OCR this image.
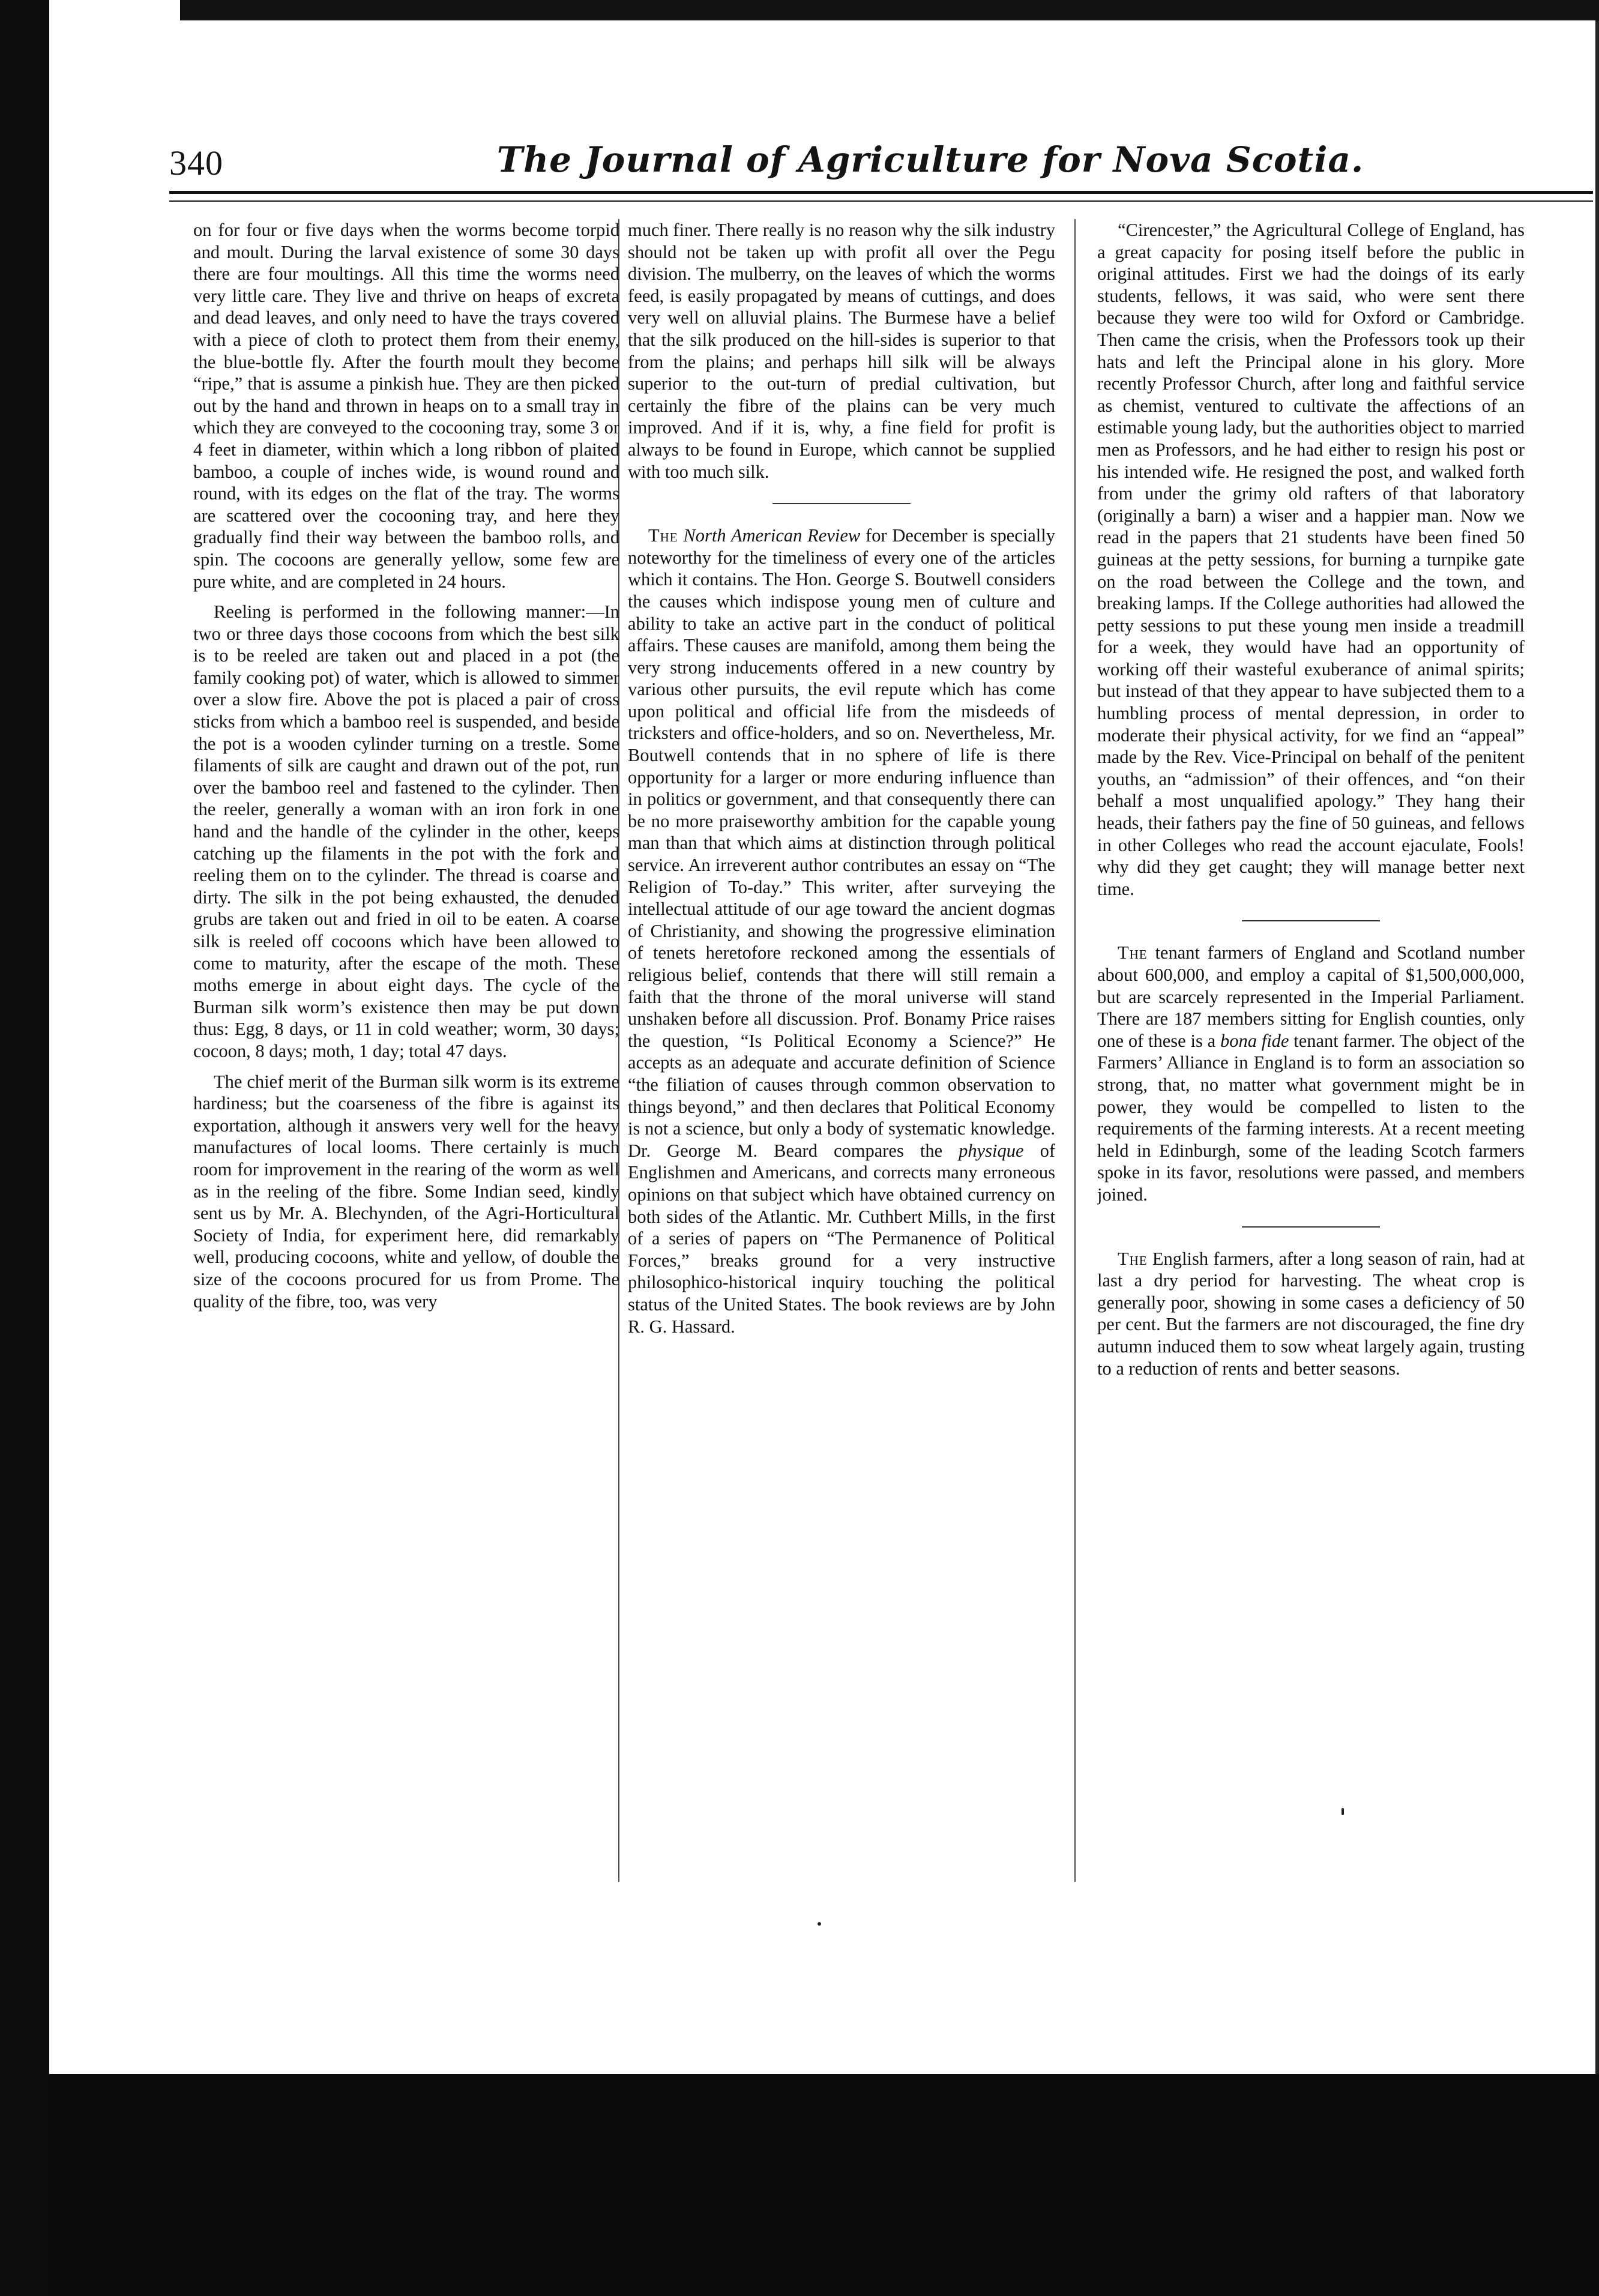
340	The Journal of Agriculture for Nova Scotia.

on for four or five days when the worms become torpid and moult. During the larval existence of some 30 days there are four moultings. All this time the worms need very little care. They live and thrive on heaps of excreta and dead leaves, and only need to have the trays covered with a piece of cloth to protect them from their enemy, the blue-bottle fly. After the fourth moult they become “ripe,” that is assume a pinkish hue. They are then picked out by the hand and thrown in heaps on to a small tray in which they are conveyed to the cocooning tray, some 3 or 4 feet in diameter, within which a long ribbon of plaited bamboo, a couple of inches wide, is wound round and round, with its edges on the flat of the tray. The worms are scattered over the cocooning tray, and here they gradually find their way between the bamboo rolls, and spin. The cocoons are generally yellow, some few are pure white, and are completed in 24 hours.

Reeling is performed in the following manner:—In two or three days those cocoons from which the best silk is to be reeled are taken out and placed in a pot (the family cooking pot) of water, which is allowed to simmer over a slow fire. Above the pot is placed a pair of cross sticks from which a bamboo reel is suspended, and beside the pot is a wooden cylinder turning on a trestle. Some filaments of silk are caught and drawn out of the pot, run over the bamboo reel and fastened to the cylinder. Then the reeler, generally a woman with an iron fork in one hand and the handle of the cylinder in the other, keeps catching up the filaments in the pot with the fork and reeling them on to the cylinder. The thread is coarse and dirty. The silk in the pot being exhausted, the denuded grubs are taken out and fried in oil to be eaten. A coarse silk is reeled off cocoons which have been allowed to come to maturity, after the escape of the moth. These moths emerge in about eight days. The cycle of the Burman silk worm’s existence then may be put down thus: Egg, 8 days, or 11 in cold weather; worm, 30 days; cocoon, 8 days; moth, 1 day; total 47 days.

The chief merit of the Burman silk worm is its extreme hardiness; but the coarseness of the fibre is against its exportation, although it answers very well for the heavy manufactures of local looms. There certainly is much room for improvement in the rearing of the worm as well as in the reeling of the fibre. Some Indian seed, kindly sent us by Mr. A. Blechynden, of the Agri-Horticultural Society of India, for experiment here, did remarkably well, producing cocoons, white and yellow, of double the size of the cocoons procured for us from Prome. The quality of the fibre, too, was very

much finer. There really is no reason why the silk industry should not be taken up with profit all over the Pegu division. The mulberry, on the leaves of which the worms feed, is easily propagated by means of cuttings, and does very well on alluvial plains. The Burmese have a belief that the silk produced on the hill-sides is superior to that from the plains; and perhaps hill silk will be always superior to the out-turn of predial cultivation, but certainly the fibre of the plains can be very much improved. And if it is, why, a fine field for profit is always to be found in Europe, which cannot be supplied with too much silk.

The North American Review for December is specially noteworthy for the timeliness of every one of the articles which it contains. The Hon. George S. Boutwell considers the causes which indispose young men of culture and ability to take an active part in the conduct of political affairs. These causes are manifold, among them being the very strong inducements offered in a new country by various other pursuits, the evil repute which has come upon political and official life from the misdeeds of tricksters and office-holders, and so on. Nevertheless, Mr. Boutwell contends that in no sphere of life is there opportunity for a larger or more enduring influence than in politics or government, and that consequently there can be no more praiseworthy ambition for the capable young man than that which aims at distinction through political service. An irreverent author contributes an essay on “The Religion of To-day.” This writer, after surveying the intellectual attitude of our age toward the ancient dogmas of Christianity, and showing the progressive elimination of tenets heretofore reckoned among the essentials of religious belief, contends that there will still remain a faith that the throne of the moral universe will stand unshaken before all discussion. Prof. Bonamy Price raises the question, “Is Political Economy a Science?” He accepts as an adequate and accurate definition of Science “the filiation of causes through common observation to things beyond,” and then declares that Political Economy is not a science, but only a body of systematic knowledge. Dr. George M. Beard compares the physique of Englishmen and Americans, and corrects many erroneous opinions on that subject which have obtained currency on both sides of the Atlantic. Mr. Cuthbert Mills, in the first of a series of papers on “The Permanence of Political Forces,” breaks ground for a very instructive philosophico-historical inquiry touching the political status of the United States. The book reviews are by John R. G. Hassard.

“Cirencester,” the Agricultural College of England, has a great capacity for posing itself before the public in original attitudes. First we had the doings of its early students, fellows, it was said, who were sent there because they were too wild for Oxford or Cambridge. Then came the crisis, when the Professors took up their hats and left the Principal alone in his glory. More recently Professor Church, after long and faithful service as chemist, ventured to cultivate the affections of an estimable young lady, but the authorities object to married men as Professors, and he had either to resign his post or his intended wife. He resigned the post, and walked forth from under the grimy old rafters of that laboratory (originally a barn) a wiser and a happier man. Now we read in the papers that 21 students have been fined 50 guineas at the petty sessions, for burning a turnpike gate on the road between the College and the town, and breaking lamps. If the College authorities had allowed the petty sessions to put these young men inside a treadmill for a week, they would have had an opportunity of working off their wasteful exuberance of animal spirits; but instead of that they appear to have subjected them to a humbling process of mental depression, in order to moderate their physical activity, for we find an “appeal” made by the Rev. Vice-Principal on behalf of the penitent youths, an “admission” of their offences, and “on their behalf a most unqualified apology.” They hang their heads, their fathers pay the fine of 50 guineas, and fellows in other Colleges who read the account ejaculate, Fools! why did they get caught; they will manage better next time.

The tenant farmers of England and Scotland number about 600,000, and employ a capital of $1,500,000,000, but are scarcely represented in the Imperial Parliament. There are 187 members sitting for English counties, only one of these is a bona fide tenant farmer. The object of the Farmers’ Alliance in England is to form an association so strong, that, no matter what government might be in power, they would be compelled to listen to the requirements of the farming interests. At a recent meeting held in Edinburgh, some of the leading Scotch farmers spoke in its favor, resolutions were passed, and members joined.

The English farmers, after a long season of rain, had at last a dry period for harvesting. The wheat crop is generally poor, showing in some cases a deficiency of 50 per cent. But the farmers are not discouraged, the fine dry autumn induced them to sow wheat largely again, trusting to a reduction of rents and better seasons.
